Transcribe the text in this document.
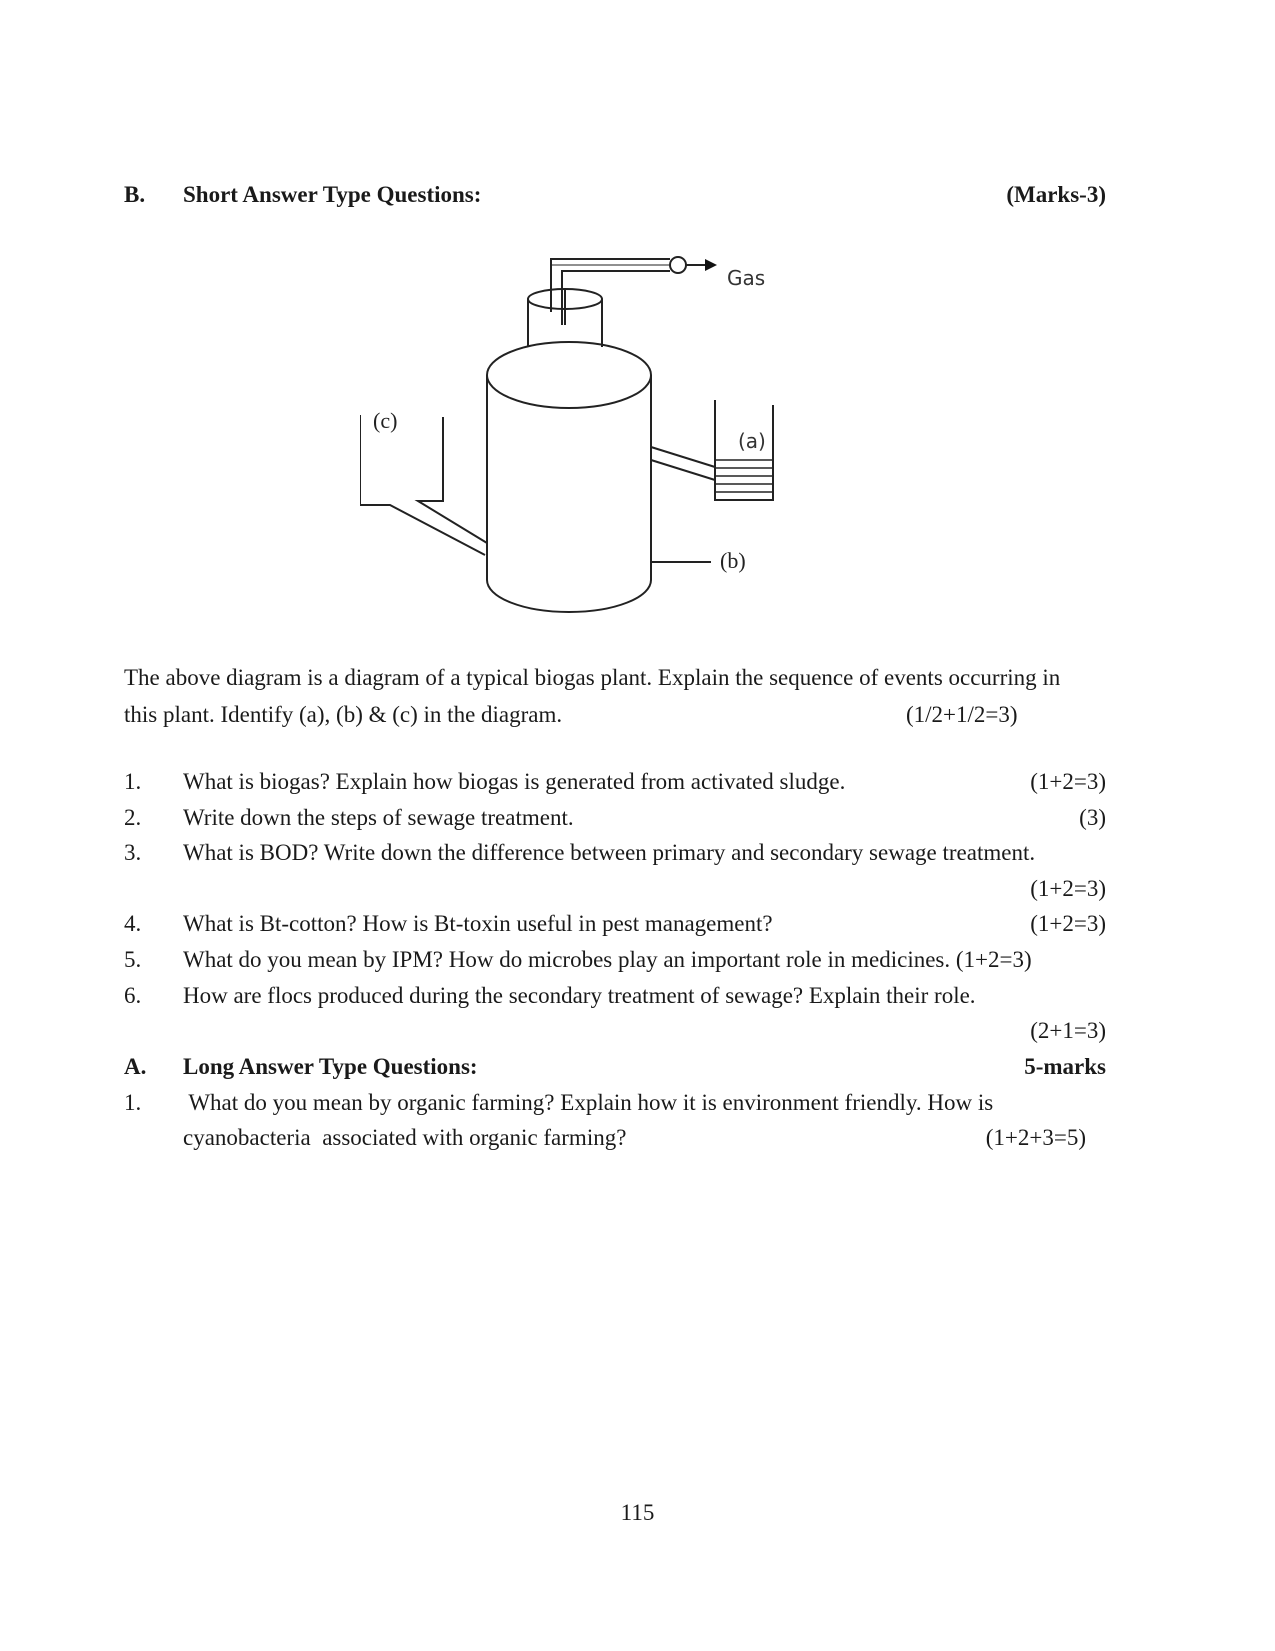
B. Short Answer Type Questions:	(Marks-3)
Gas
(a)
(b)
(c)
The above diagram is a diagram of a typical biogas plant. Explain the sequence of events occurring in
this plant. Identify (a), (b) & (c) in the diagram.	(1/2+1/2=3)
1. What is biogas? Explain how biogas is generated from activated sludge.	(1+2=3)
2. Write down the steps of sewage treatment.	(3)
3. What is BOD? Write down the difference between primary and secondary sewage treatment.
(1+2=3)
4. What is Bt-cotton? How is Bt-toxin useful in pest management?	(1+2=3)
5. What do you mean by IPM? How do microbes play an important role in medicines. (1+2=3)
6. How are flocs produced during the secondary treatment of sewage? Explain their role.
(2+1=3)
A. Long Answer Type Questions:	5-marks
1. What do you mean by organic farming? Explain how it is environment friendly. How is
cyanobacteria  associated with organic farming?	(1+2+3=5)
115
